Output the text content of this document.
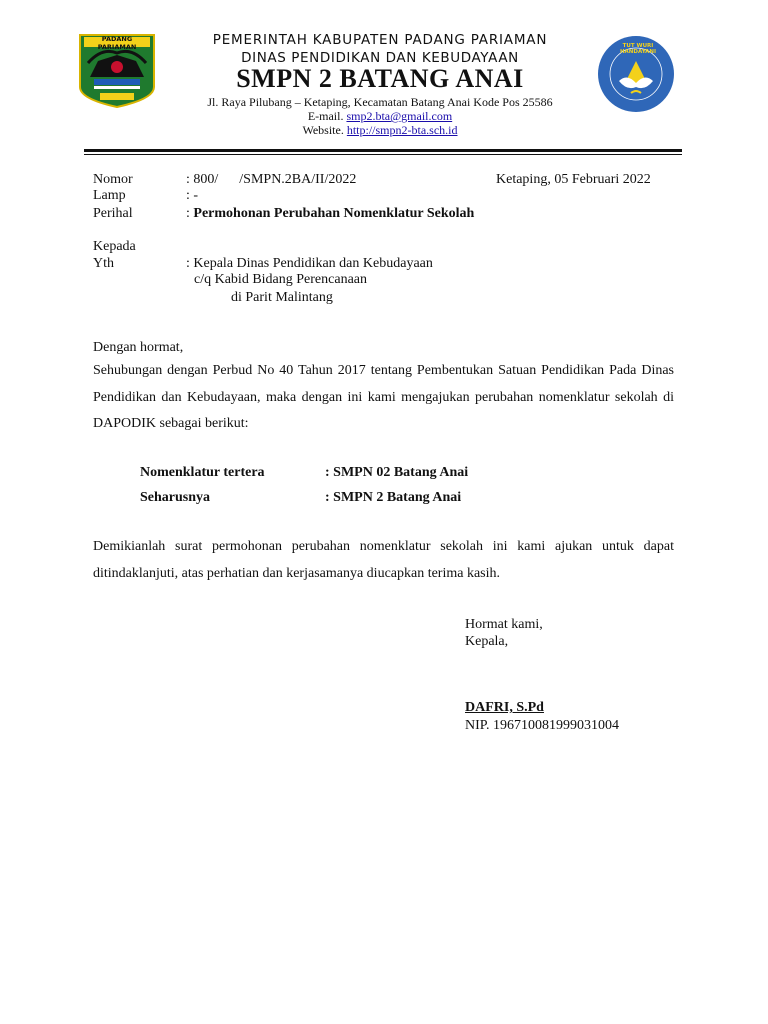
PADANG PARIAMAN	TUT WURI HANDAYANI
PEMERINTAH KABUPATEN PADANG PARIAMAN
DINAS PENDIDIKAN DAN KEBUDAYAAN
SMPN 2 BATANG ANAI
Jl. Raya Pilubang – Ketaping, Kecamatan Batang Anai Kode Pos 25586
E-mail. smp2.bta@gmail.com
Website. http://smpn2-bta.sch.id
Nomor	: 800/      /SMPN.2BA/II/2022	Ketaping, 05 Februari 2022
Lamp	: -
Perihal	: Permohonan Perubahan Nomenklatur Sekolah
Kepada
Yth	: Kepala Dinas Pendidikan dan Kebudayaan
c/q Kabid Bidang Perencanaan
di Parit Malintang
Dengan hormat,
Sehubungan dengan Perbud No 40 Tahun 2017 tentang Pembentukan Satuan Pendidikan Pada Dinas Pendidikan dan Kebudayaan, maka dengan ini kami mengajukan perubahan nomenklatur sekolah di DAPODIK sebagai berikut:
Nomenklatur tertera	: SMPN 02 Batang Anai
Seharusnya	: SMPN 2 Batang Anai
Demikianlah surat permohonan perubahan nomenklatur sekolah ini kami ajukan untuk dapat ditindaklanjuti, atas perhatian dan kerjasamanya diucapkan terima kasih.
Hormat kami,
Kepala,
DAFRI, S.Pd
NIP. 196710081999031004
